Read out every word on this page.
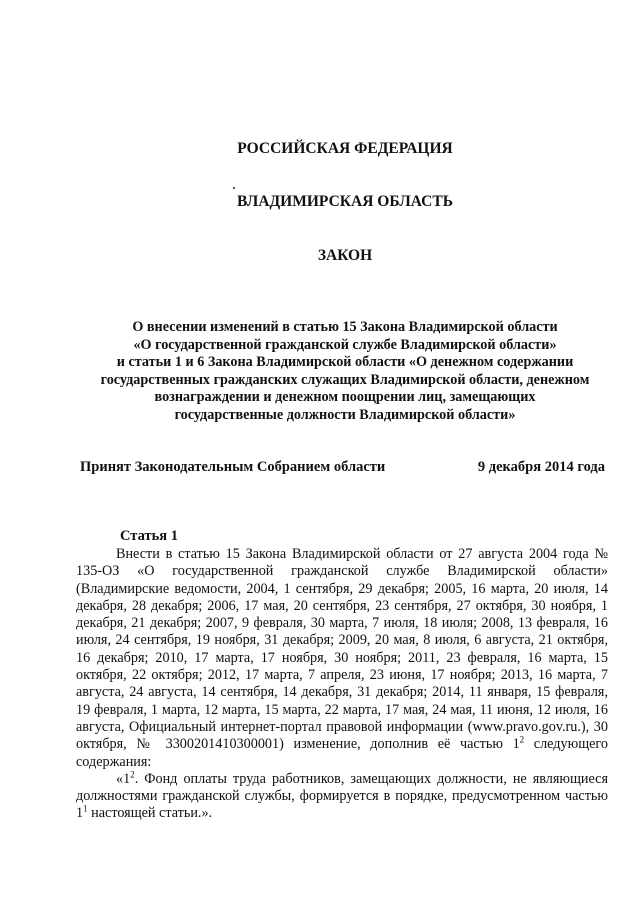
РОССИЙСКАЯ ФЕДЕРАЦИЯ
ВЛАДИМИРСКАЯ ОБЛАСТЬ
ЗАКОН
О внесении изменений в статью 15 Закона Владимирской области
«О государственной гражданской службе Владимирской области»
и статьи 1 и 6 Закона Владимирской области «О денежном содержании
государственных гражданских служащих Владимирской области, денежном
вознаграждении и денежном поощрении лиц, замещающих
государственные должности Владимирской области»
Принят Законодательным Собранием области	9 декабря 2014 года
Статья 1

Внести в статью 15 Закона Владимирской области от 27 августа 2004 года № 135-ОЗ «О государственной гражданской службе Владимирской области» (Владимирские ведомости, 2004, 1 сентября, 29 декабря; 2005, 16 марта, 20 июля, 14 декабря, 28 декабря; 2006, 17 мая, 20 сентября, 23 сентября, 27 октября, 30 ноября, 1 декабря, 21 декабря; 2007, 9 февраля, 30 марта, 7 июля, 18 июля; 2008, 13 февраля, 16 июля, 24 сентября, 19 ноября, 31 декабря; 2009, 20 мая, 8 июля, 6 августа, 21 октября, 16 декабря; 2010, 17 марта, 17 ноября, 30 ноября; 2011, 23 февраля, 16 марта, 15 октября, 22 октября; 2012, 17 марта, 7 апреля, 23 июня, 17 ноября; 2013, 16 марта, 7 августа, 24 августа, 14 сентября, 14 декабря, 31 декабря; 2014, 11 января, 15 февраля, 19 февраля, 1 марта, 12 марта, 15 марта, 22 марта, 17 мая, 24 мая, 11 июня, 12 июля, 16 августа, Официальный интернет-портал правовой информации (www.pravo.gov.ru.), 30 октября, № 3300201410300001) изменение, дополнив её частью $1^2$ следующего содержания:

«$1^2$. Фонд оплаты труда работников, замещающих должности, не являющиеся должностями гражданской службы, формируется в порядке, предусмотренном частью $1^1$ настоящей статьи.».
